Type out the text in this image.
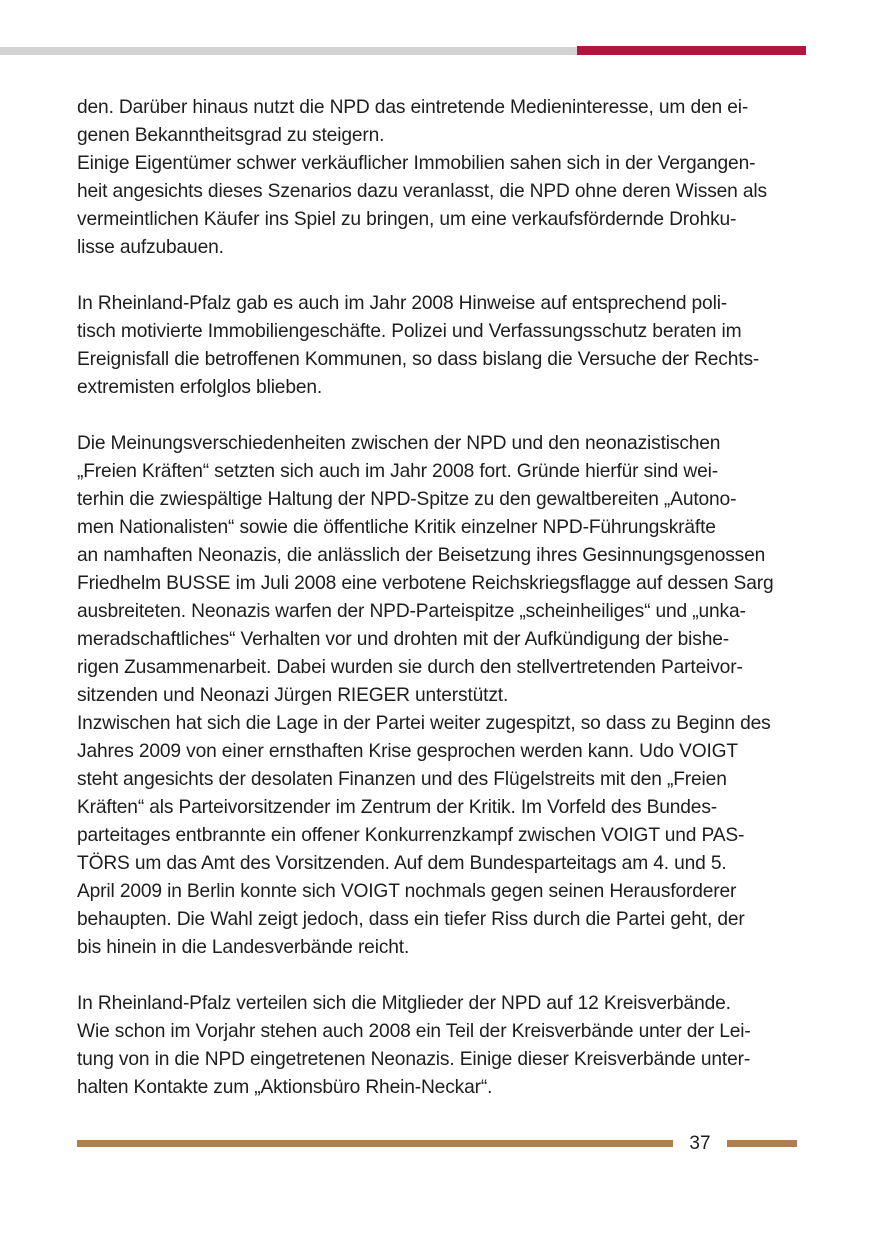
den. Darüber hinaus nutzt die NPD das eintretende Medieninteresse, um den ei-
genen Bekanntheitsgrad zu steigern.
Einige Eigentümer schwer verkäuflicher Immobilien sahen sich in der Vergangen-
heit angesichts dieses Szenarios dazu veranlasst, die NPD ohne deren Wissen als
vermeintlichen Käufer ins Spiel zu bringen, um eine verkaufsfördernde Drohku-
lisse aufzubauen.
In Rheinland-Pfalz gab es auch im Jahr 2008 Hinweise auf entsprechend poli-
tisch motivierte Immobiliengeschäfte. Polizei und Verfassungsschutz beraten im
Ereignisfall die betroffenen Kommunen, so dass bislang die Versuche der Rechts-
extremisten erfolglos blieben.
Die Meinungsverschiedenheiten zwischen der NPD und den neonazistischen
„Freien Kräften“ setzten sich auch im Jahr 2008 fort. Gründe hierfür sind wei-
terhin die zwiespältige Haltung der NPD-Spitze zu den gewaltbereiten „Autono-
men Nationalisten“ sowie die öffentliche Kritik einzelner NPD-Führungskräfte
an namhaften Neonazis, die anlässlich der Beisetzung ihres Gesinnungsgenossen
Friedhelm BUSSE im Juli 2008 eine verbotene Reichskriegsflagge auf dessen Sarg
ausbreiteten. Neonazis warfen der NPD-Parteispitze „scheinheiliges“ und „unka-
meradschaftliches“ Verhalten vor und drohten mit der Aufkündigung der bishe-
rigen Zusammenarbeit. Dabei wurden sie durch den stellvertretenden Parteivor-
sitzenden und Neonazi Jürgen RIEGER unterstützt.
Inzwischen hat sich die Lage in der Partei weiter zugespitzt, so dass zu Beginn des
Jahres 2009 von einer ernsthaften Krise gesprochen werden kann. Udo VOIGT
steht angesichts der desolaten Finanzen und des Flügelstreits mit den „Freien
Kräften“ als Parteivorsitzender im Zentrum der Kritik. Im Vorfeld des Bundes-
parteitages entbrannte ein offener Konkurrenzkampf zwischen VOIGT und PAS-
TÖRS um das Amt des Vorsitzenden. Auf dem Bundesparteitags am 4. und 5.
April 2009 in Berlin konnte sich VOIGT nochmals gegen seinen Herausforderer
behaupten. Die Wahl zeigt jedoch, dass ein tiefer Riss durch die Partei geht, der
bis hinein in die Landesverbände reicht.
In Rheinland-Pfalz verteilen sich die Mitglieder der NPD auf 12 Kreisverbände.
Wie schon im Vorjahr stehen auch 2008 ein Teil der Kreisverbände unter der Lei-
tung von in die NPD eingetretenen Neonazis. Einige dieser Kreisverbände unter-
halten Kontakte zum „Aktionsbüro Rhein-Neckar“.
37
